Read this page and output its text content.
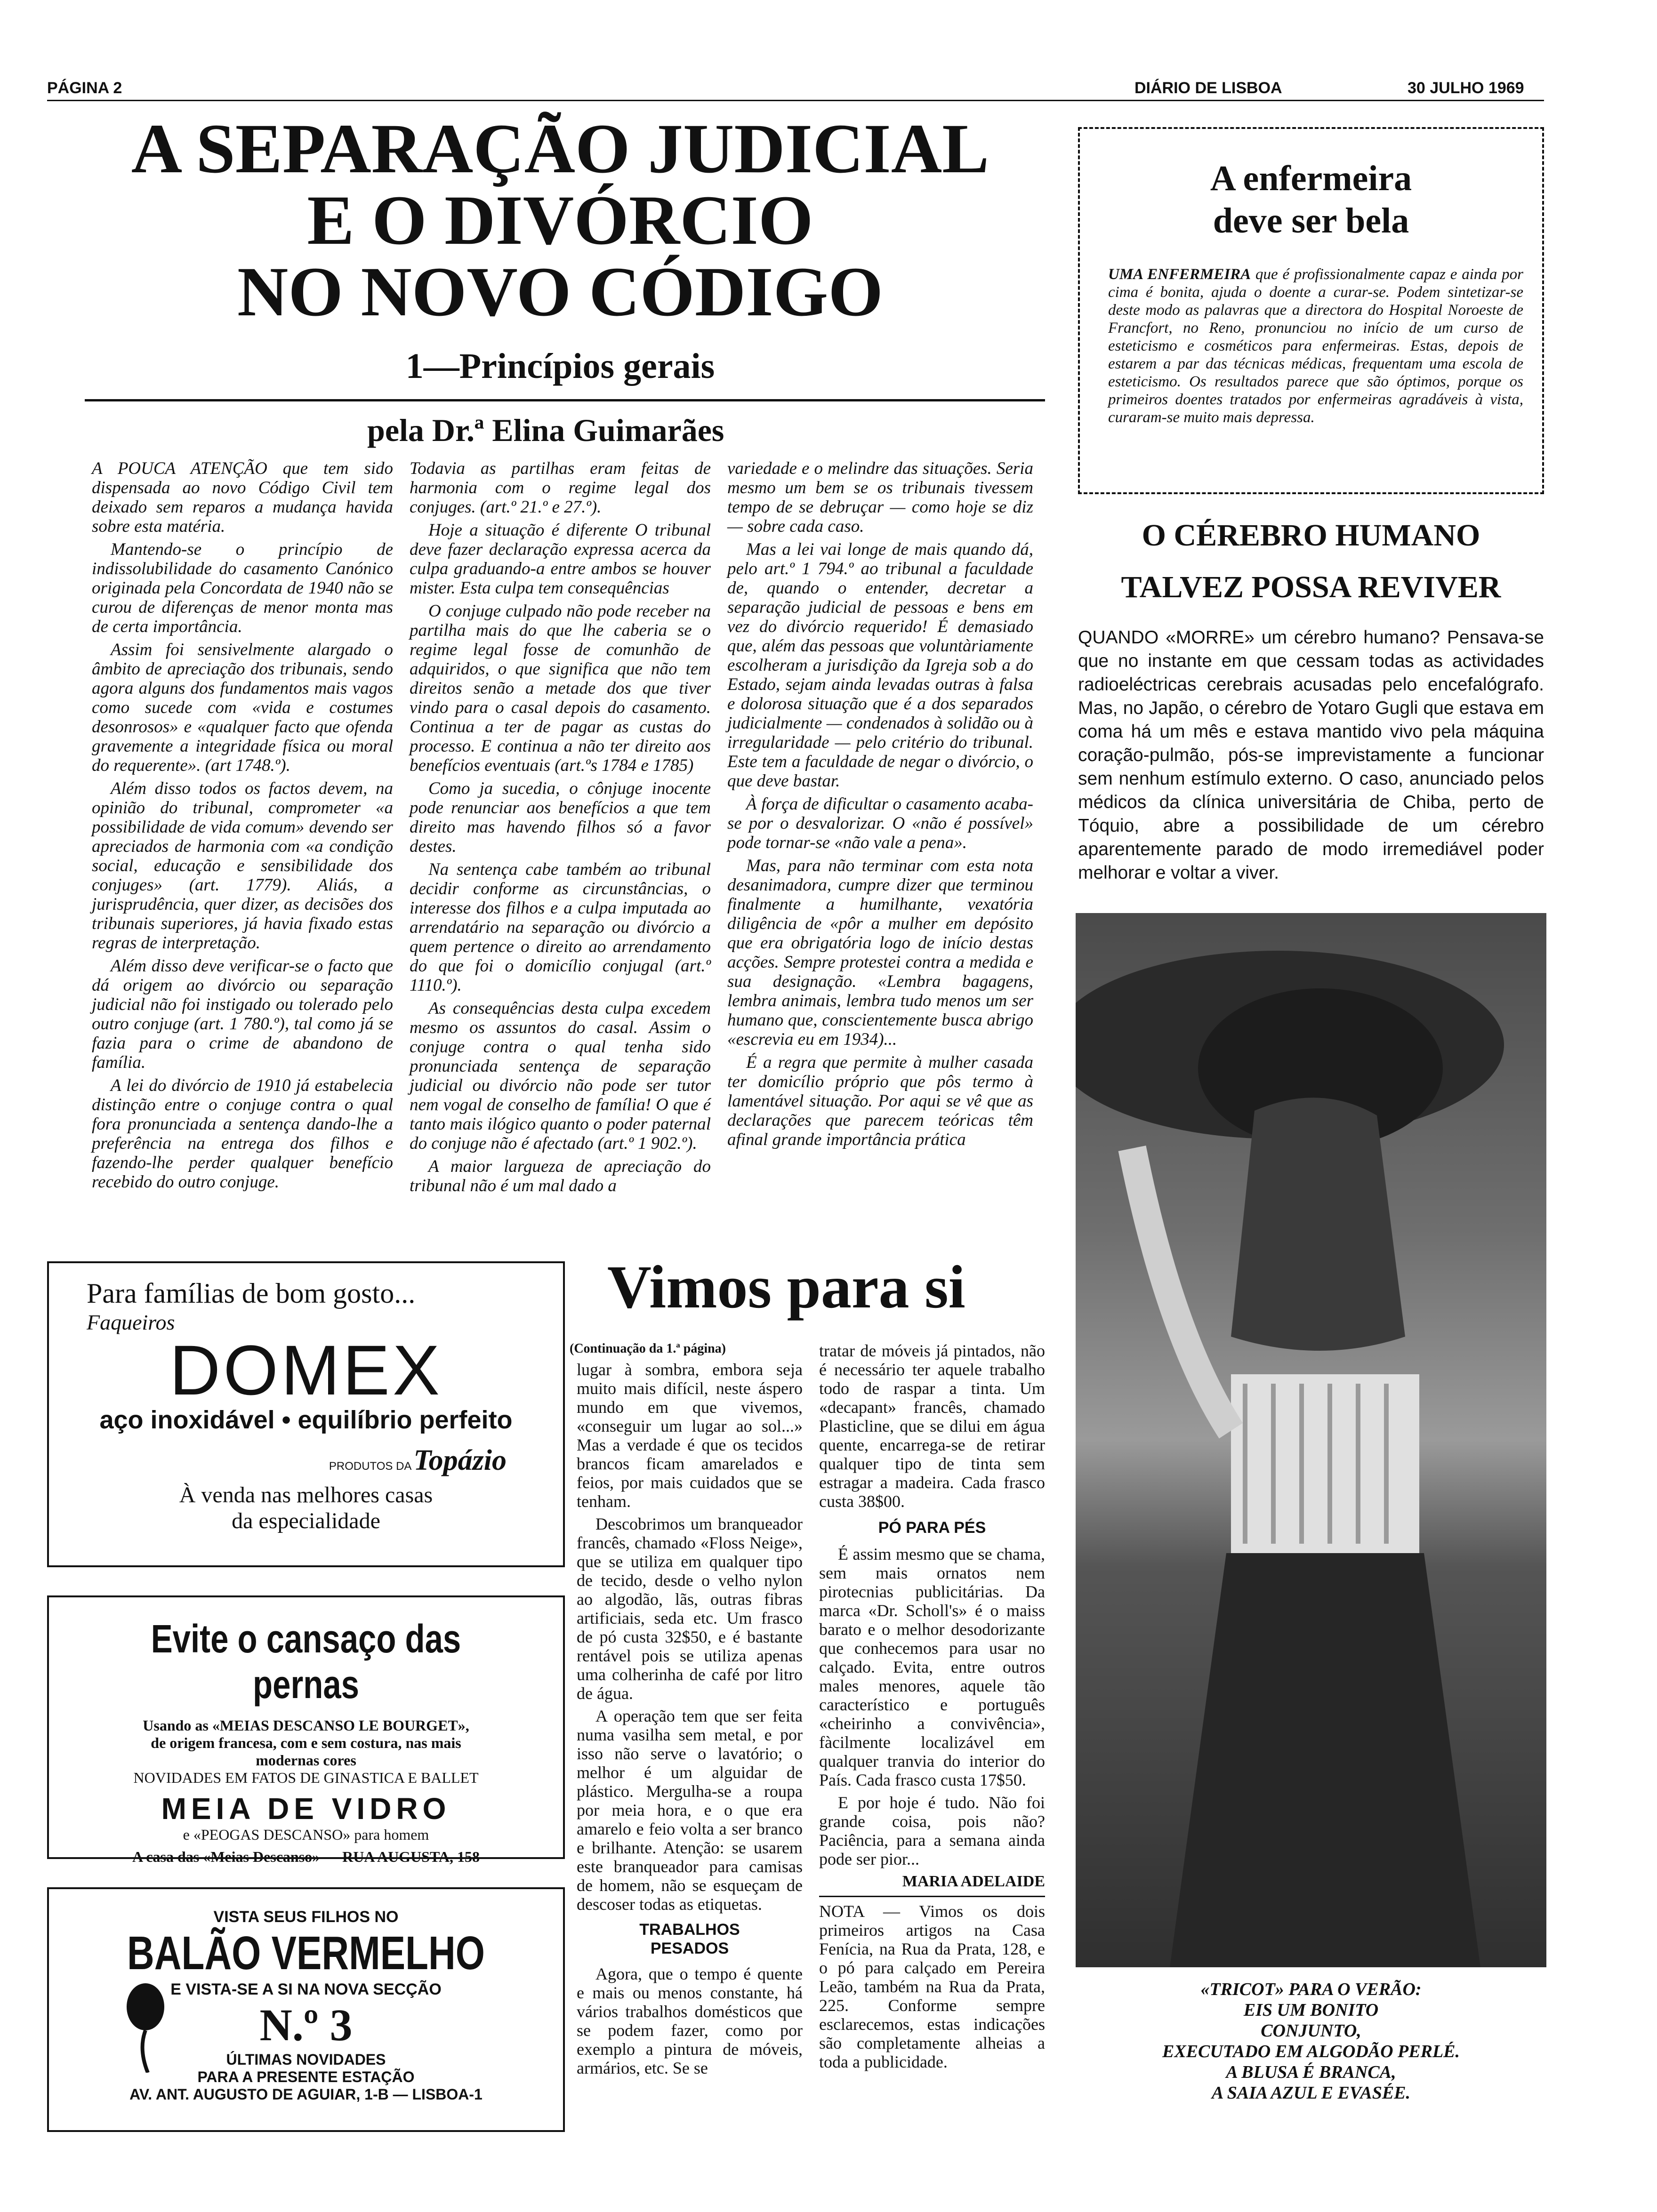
PÁGINA 2	DIÁRIO DE LISBOA	30 JULHO 1969
A SEPARAÇÃO JUDICIAL
E O DIVÓRCIO
NO NOVO CÓDIGO
1—Princípios gerais
pela Dr.ª Elina Guimarães

A POUCA ATENÇÃO que tem sido dispensada ao novo Código Civil tem deixado sem reparos a mudança havida sobre esta matéria.

Mantendo-se o princípio de indissolubilidade do casamento Canónico originada pela Concordata de 1940 não se curou de diferenças de menor monta mas de certa importância.

Assim foi sensivelmente alargado o âmbito de apreciação dos tribunais, sendo agora alguns dos fundamentos mais vagos como sucede com «vida e costumes desonrosos» e «qualquer facto que ofenda gravemente a integridade física ou moral do requerente». (art 1748.º).

Além disso todos os factos devem, na opinião do tribunal, comprometer «a possibilidade de vida comum» devendo ser apreciados de harmonia com «a condição social, educação e sensibilidade dos conjuges» (art. 1779). Aliás, a jurisprudência, quer dizer, as decisões dos tribunais superiores, já havia fixado estas regras de interpretação.

Além disso deve verificar-se o facto que dá origem ao divórcio ou separação judicial não foi instigado ou tolerado pelo outro conjuge (art. 1 780.º), tal como já se fazia para o crime de abandono de família.

A lei do divórcio de 1910 já estabelecia distinção entre o conjuge contra o qual fora pronunciada a sentença dando-lhe a preferência na entrega dos filhos e fazendo-lhe perder qualquer benefício recebido do outro conjuge.

Todavia as partilhas eram feitas de harmonia com o regime legal dos conjuges. (art.º 21.º e 27.º).

Hoje a situação é diferente O tribunal deve fazer declaração expressa acerca da culpa graduando-a entre ambos se houver mister. Esta culpa tem consequências

O conjuge culpado não pode receber na partilha mais do que lhe caberia se o regime legal fosse de comunhão de adquiridos, o que significa que não tem direitos senão a metade dos que tiver vindo para o casal depois do casamento. Continua a ter de pagar as custas do processo. E continua a não ter direito aos benefícios eventuais (art.ºs 1784 e 1785)

Como ja sucedia, o cônjuge inocente pode renunciar aos benefícios a que tem direito mas havendo filhos só a favor destes.

Na sentença cabe também ao tribunal decidir conforme as circunstâncias, o interesse dos filhos e a culpa imputada ao arrendatário na separação ou divórcio a quem pertence o direito ao arrendamento do que foi o domicílio conjugal (art.º 1110.º).

As consequências desta culpa excedem mesmo os assuntos do casal. Assim o conjuge contra o qual tenha sido pronunciada sentença de separação judicial ou divórcio não pode ser tutor nem vogal de conselho de família! O que é tanto mais ilógico quanto o poder paternal do conjuge não é afectado (art.º 1 902.º).

A maior largueza de apreciação do tribunal não é um mal dado a

variedade e o melindre das situações. Seria mesmo um bem se os tribunais tivessem tempo de se debruçar — como hoje se diz — sobre cada caso.

Mas a lei vai longe de mais quando dá, pelo art.º 1 794.º ao tribunal a faculdade de, quando o entender, decretar a separação judicial de pessoas e bens em vez do divórcio requerido! É demasiado que, além das pessoas que voluntàriamente escolheram a jurisdição da Igreja sob a do Estado, sejam ainda levadas outras à falsa e dolorosa situação que é a dos separados judicialmente — condenados à solidão ou à irregularidade — pelo critério do tribunal. Este tem a faculdade de negar o divórcio, o que deve bastar.

À força de dificultar o casamento acaba-se por o desvalorizar. O «não é possível» pode tornar-se «não vale a pena».

Mas, para não terminar com esta nota desanimadora, cumpre dizer que terminou finalmente a humilhante, vexatória diligência de «pôr a mulher em depósito que era obrigatória logo de início destas acções. Sempre protestei contra a medida e sua designação. «Lembra bagagens, lembra animais, lembra tudo menos um ser humano que, conscientemente busca abrigo «escrevia eu em 1934)...

É a regra que permite à mulher casada ter domicílio próprio que pôs termo à lamentável situação. Por aqui se vê que as declarações que parecem teóricas têm afinal grande importância prática

A enfermeira
deve ser bela
UMA ENFERMEIRA que é profissionalmente capaz e ainda por cima é bonita, ajuda o doente a curar-se. Podem sintetizar-se deste modo as palavras que a directora do Hospital Noroeste de Francfort, no Reno, pronunciou no início de um curso de esteticismo e cosméticos para enfermeiras. Estas, depois de estarem a par das técnicas médicas, frequentam uma escola de esteticismo. Os resultados parece que são óptimos, porque os primeiros doentes tratados por enfermeiras agradáveis à vista, curaram-se muito mais depressa.
O CÉREBRO HUMANO
TALVEZ POSSA REVIVER
QUANDO «MORRE» um cérebro humano? Pensava-se que no instante em que cessam todas as actividades radioeléctricas cerebrais acusadas pelo encefalógrafo. Mas, no Japão, o cérebro de Yotaro Gugli que estava em coma há um mês e estava mantido vivo pela máquina coração-pulmão, pós-se imprevistamente a funcionar sem nenhum estímulo externo. O caso, anunciado pelos médicos da clínica universitária de Chiba, perto de Tóquio, abre a possibilidade de um cérebro aparentemente parado de modo irremediável poder melhorar e voltar a viver.
«TRICOT» PARA O VERÃO:
EIS UM BONITO
CONJUNTO,
EXECUTADO EM ALGODÃO PERLÉ.
A BLUSA É BRANCA,
A SAIA AZUL E EVASÉE.
Para famílias de bom gosto...
Faqueiros
DOMEX
aço inoxidável • equilíbrio perfeito
PRODUTOS DA Topázio
À venda nas melhores casas
da especialidade
Evite o cansaço das pernas
Usando as «MEIAS DESCANSO LE BOURGET»,
de origem francesa, com e sem costura, nas mais
modernas cores
NOVIDADES EM FATOS DE GINASTICA E BALLET
MEIA DE VIDRO
e «PEOGAS DESCANSO» para homem
A casa das «Meias Descanso» — RUA AUGUSTA, 158
VISTA SEUS FILHOS NO
BALÃO VERMELHO
E VISTA-SE A SI NA NOVA SECÇÃO
N.º 3
ÚLTIMAS NOVIDADES
PARA A PRESENTE ESTAÇÃO
AV. ANT. AUGUSTO DE AGUIAR, 1-B — LISBOA-1
Vimos para si
(Continuação da 1.ª página)

lugar à sombra, embora seja muito mais difícil, neste áspero mundo em que vivemos, «conseguir um lugar ao sol...» Mas a verdade é que os tecidos brancos ficam amarelados e feios, por mais cuidados que se tenham.

Descobrimos um branqueador francês, chamado «Floss Neige», que se utiliza em qualquer tipo de tecido, desde o velho nylon ao algodão, lãs, outras fibras artificiais, seda etc. Um frasco de pó custa 32$50, e é bastante rentável pois se utiliza apenas uma colherinha de café por litro de água.

A operação tem que ser feita numa vasilha sem metal, e por isso não serve o lavatório; o melhor é um alguidar de plástico. Mergulha-se a roupa por meia hora, e o que era amarelo e feio volta a ser branco e brilhante. Atenção: se usarem este branqueador para camisas de homem, não se esqueçam de descoser todas as etiquetas.

TRABALHOS PESADOS

Agora, que o tempo é quente e mais ou menos constante, há vários trabalhos domésticos que se podem fazer, como por exemplo a pintura de móveis, armários, etc. Se se

tratar de móveis já pintados, não é necessário ter aquele trabalho todo de raspar a tinta. Um «decapant» francês, chamado Plasticline, que se dilui em água quente, encarrega-se de retirar qualquer tipo de tinta sem estragar a madeira. Cada frasco custa 38$00.

PÓ PARA PÉS

É assim mesmo que se chama, sem mais ornatos nem pirotecnias publicitárias. Da marca «Dr. Scholl's» é o maiss barato e o melhor desodorizante que conhecemos para usar no calçado. Evita, entre outros males menores, aquele tão característico e português «cheirinho a convivência», fàcilmente localizável em qualquer tranvia do interior do País. Cada frasco custa 17$50.

E por hoje é tudo. Não foi grande coisa, pois não? Paciência, para a semana ainda pode ser pior...

MARIA ADELAIDE

NOTA — Vimos os dois primeiros artigos na Casa Fenícia, na Rua da Prata, 128, e o pó para calçado em Pereira Leão, também na Rua da Prata, 225. Conforme sempre esclarecemos, estas indicações são completamente alheias a toda a publicidade.
